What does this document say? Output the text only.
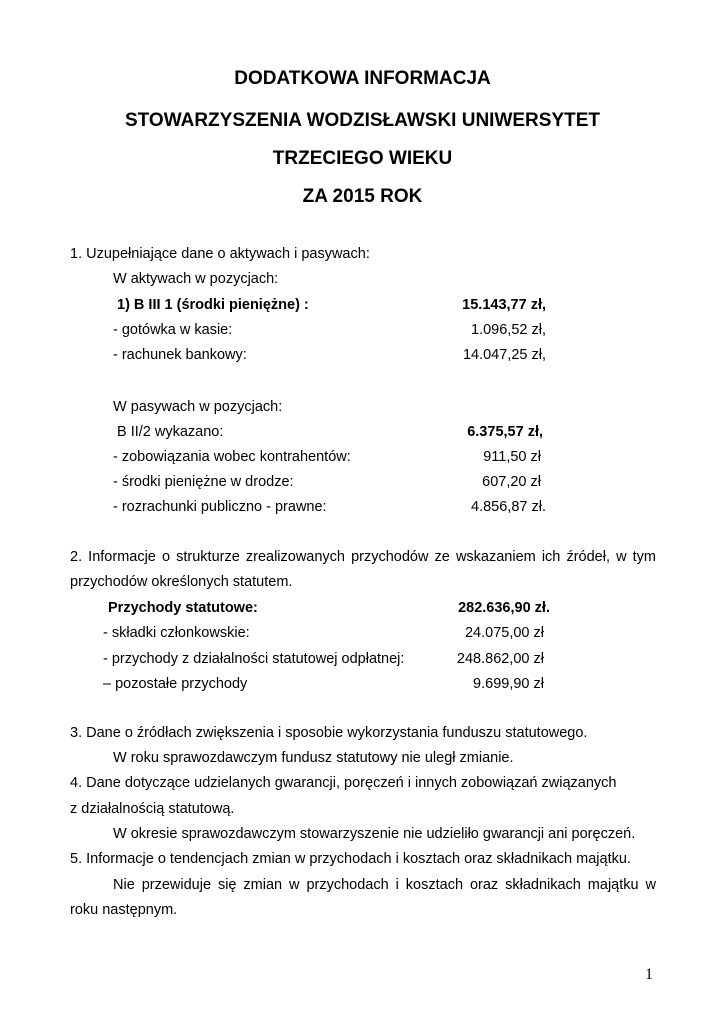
DODATKOWA INFORMACJA
STOWARZYSZENIA WODZISŁAWSKI UNIWERSYTET
TRZECIEGO WIEKU
ZA 2015 ROK
1. Uzupełniające dane o aktywach i pasywach:
W aktywach w pozycjach:
1) B III 1 (środki pieniężne) :	15.143,77 zł,
- gotówka w kasie:	1.096,52 zł,
- rachunek bankowy:	14.047,25 zł,
W pasywach w pozycjach:
B II/2 wykazano:	6.375,57 zł,
- zobowiązania wobec kontrahentów:	911,50 zł
- środki pieniężne w drodze:	607,20 zł
- rozrachunki publiczno - prawne:	4.856,87 zł.
2. Informacje o strukturze zrealizowanych przychodów ze wskazaniem ich źródeł, w tym
przychodów określonych statutem.
Przychody statutowe:	282.636,90 zł.
- składki członkowskie:	24.075,00 zł
- przychody z działalności statutowej odpłatnej:	248.862,00 zł
– pozostałe przychody	9.699,90 zł
3. Dane o źródłach zwiększenia i sposobie wykorzystania funduszu statutowego.
W roku sprawozdawczym fundusz statutowy nie uległ zmianie.
4. Dane dotyczące udzielanych gwarancji, poręczeń i innych zobowiązań związanych
z działalnością statutową.
W okresie sprawozdawczym stowarzyszenie nie udzieliło gwarancji ani poręczeń.
5. Informacje o tendencjach zmian w przychodach i kosztach oraz składnikach majątku.
Nie przewiduje się zmian w przychodach i kosztach oraz składnikach majątku w
roku następnym.
1
